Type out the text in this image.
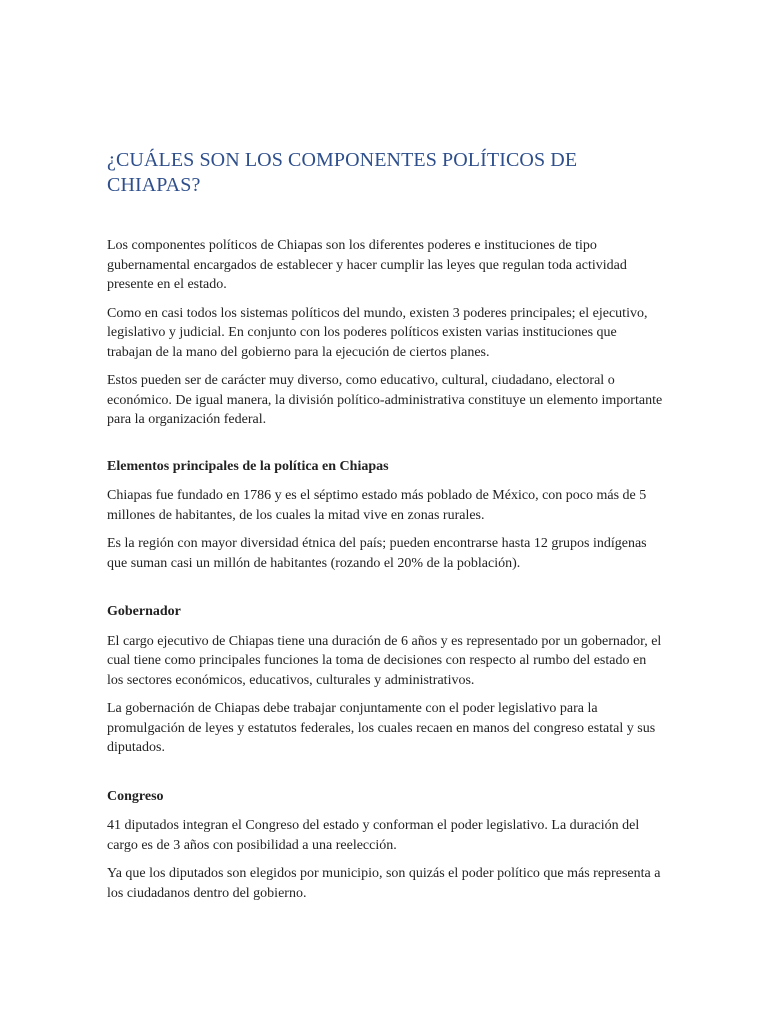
¿CUÁLES SON LOS COMPONENTES POLÍTICOS DE CHIAPAS?

Los componentes políticos de Chiapas son los diferentes poderes e instituciones de tipo gubernamental encargados de establecer y hacer cumplir las leyes que regulan toda actividad presente en el estado.

Como en casi todos los sistemas políticos del mundo, existen 3 poderes principales; el ejecutivo, legislativo y judicial. En conjunto con los poderes políticos existen varias instituciones que trabajan de la mano del gobierno para la ejecución de ciertos planes.

Estos pueden ser de carácter muy diverso, como educativo, cultural, ciudadano, electoral o económico. De igual manera, la división político-administrativa constituye un elemento importante para la organización federal.

Elementos principales de la política en Chiapas

Chiapas fue fundado en 1786 y es el séptimo estado más poblado de México, con poco más de 5 millones de habitantes, de los cuales la mitad vive en zonas rurales.

Es la región con mayor diversidad étnica del país; pueden encontrarse hasta 12 grupos indígenas que suman casi un millón de habitantes (rozando el 20% de la población).

Gobernador

El cargo ejecutivo de Chiapas tiene una duración de 6 años y es representado por un gobernador, el cual tiene como principales funciones la toma de decisiones con respecto al rumbo del estado en los sectores económicos, educativos, culturales y administrativos.

La gobernación de Chiapas debe trabajar conjuntamente con el poder legislativo para la promulgación de leyes y estatutos federales, los cuales recaen en manos del congreso estatal y sus diputados.

Congreso

41 diputados integran el Congreso del estado y conforman el poder legislativo. La duración del cargo es de 3 años con posibilidad a una reelección.

Ya que los diputados son elegidos por municipio, son quizás el poder político que más representa a los ciudadanos dentro del gobierno.
